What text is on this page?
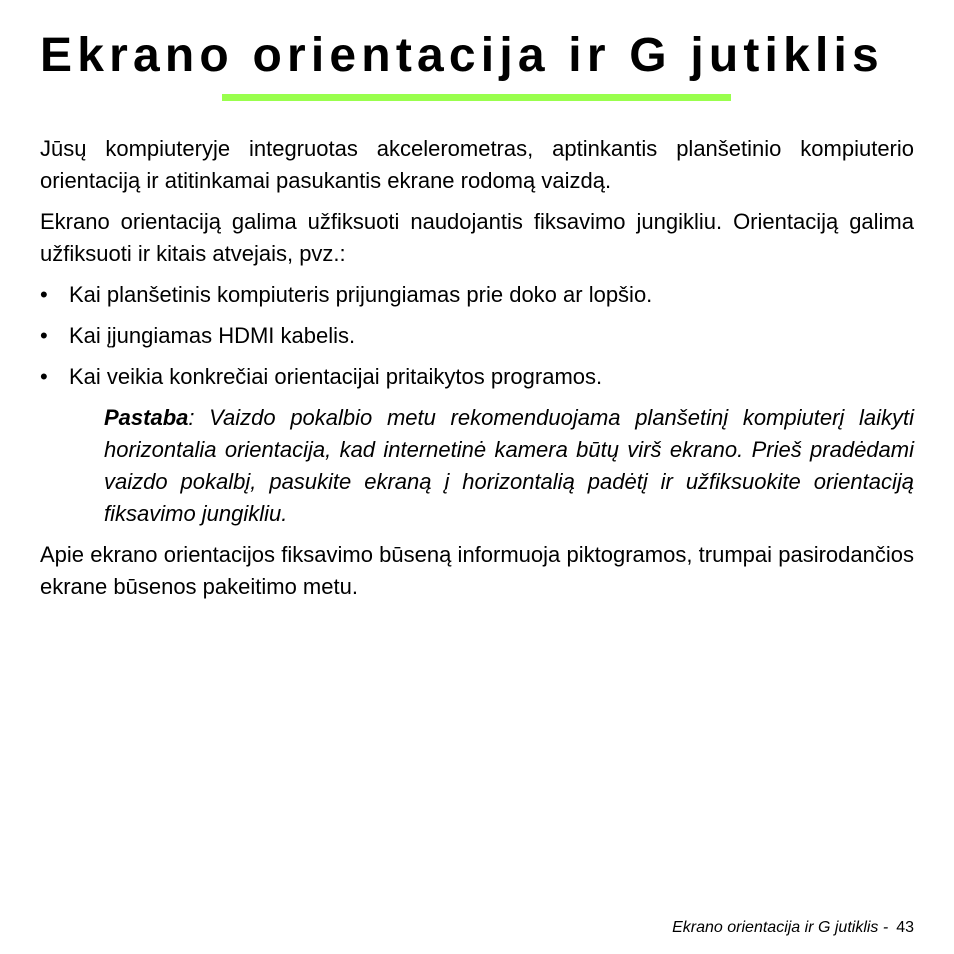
Ekrano orientacija ir G jutiklis

Jūsų kompiuteryje integruotas akcelerometras, aptinkantis planšetinio kompiuterio orientaciją ir atitinkamai pasukantis ekrane rodomą vaizdą.

Ekrano orientaciją galima užfiksuoti naudojantis fiksavimo jungikliu. Orientaciją galima užfiksuoti ir kitais atvejais, pvz.:

• Kai planšetinis kompiuteris prijungiamas prie doko ar lopšio.
• Kai įjungiamas HDMI kabelis.
• Kai veikia konkrečiai orientacijai pritaikytos programos.

Pastaba: Vaizdo pokalbio metu rekomenduojama planšetinį kompiuterį laikyti horizontalia orientacija, kad internetinė kamera būtų virš ekrano. Prieš pradėdami vaizdo pokalbį, pasukite ekraną į horizontalią padėtį ir užfiksuokite orientaciją fiksavimo jungikliu.

Apie ekrano orientacijos fiksavimo būseną informuoja piktogramos, trumpai pasirodančios ekrane būsenos pakeitimo metu.

Ekrano orientacija ir G jutiklis - 43
